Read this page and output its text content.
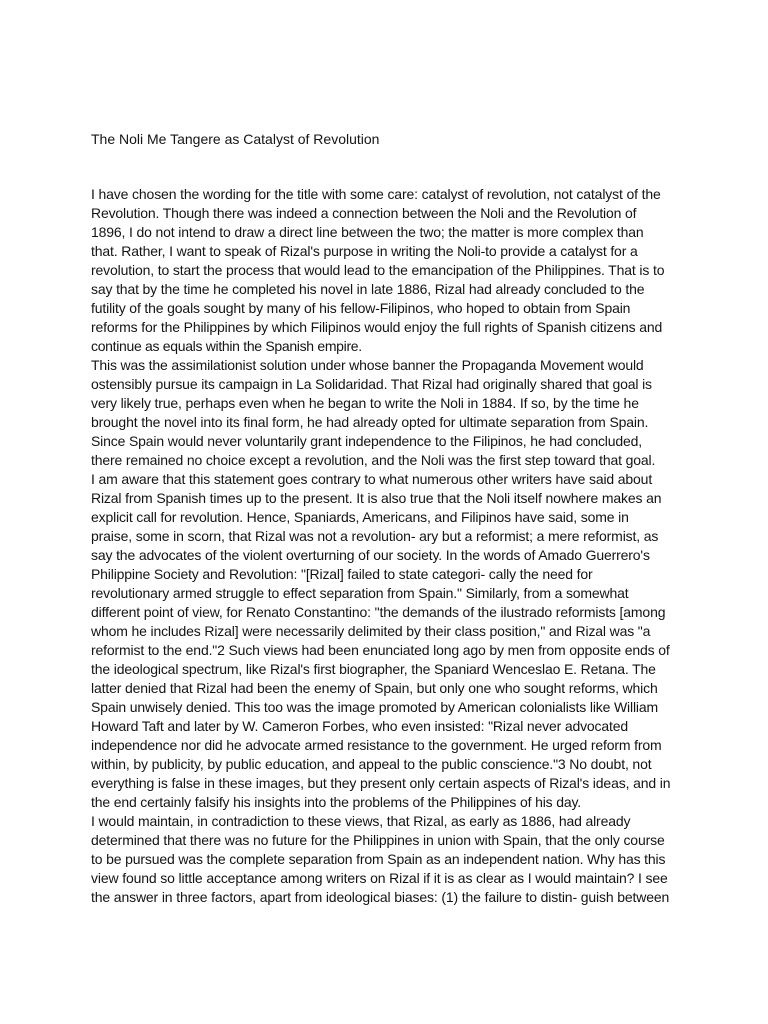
The Noli Me Tangere as Catalyst of Revolution
I have chosen the wording for the title with some care: catalyst of revolution, not catalyst of the
Revolution. Though there was indeed a connection between the Noli and the Revolution of
1896, I do not intend to draw a direct line between the two; the matter is more complex than
that. Rather, I want to speak of Rizal's purpose in writing the Noli-to provide a catalyst for a
revolution, to start the process that would lead to the emancipation of the Philippines. That is to
say that by the time he completed his novel in late 1886, Rizal had already concluded to the
futility of the goals sought by many of his fellow-Filipinos, who hoped to obtain from Spain
reforms for the Philippines by which Filipinos would enjoy the full rights of Spanish citizens and
continue as equals within the Spanish empire.
This was the assimilationist solution under whose banner the Propaganda Movement would
ostensibly pursue its campaign in La Solidaridad. That Rizal had originally shared that goal is
very likely true, perhaps even when he began to write the Noli in 1884. If so, by the time he
brought the novel into its final form, he had already opted for ultimate separation from Spain.
Since Spain would never voluntarily grant independence to the Filipinos, he had concluded,
there remained no choice except a revolution, and the Noli was the first step toward that goal.
I am aware that this statement goes contrary to what numerous other writers have said about
Rizal from Spanish times up to the present. It is also true that the Noli itself nowhere makes an
explicit call for revolution. Hence, Spaniards, Americans, and Filipinos have said, some in
praise, some in scorn, that Rizal was not a revolution- ary but a reformist; a mere reformist, as
say the advocates of the violent overturning of our society. In the words of Amado Guerrero's
Philippine Society and Revolution: "[Rizal] failed to state categori- cally the need for
revolutionary armed struggle to effect separation from Spain." Similarly, from a somewhat
different point of view, for Renato Constantino: "the demands of the ilustrado reformists [among
whom he includes Rizal] were necessarily delimited by their class position," and Rizal was "a
reformist to the end."2 Such views had been enunciated long ago by men from opposite ends of
the ideological spectrum, like Rizal's first biographer, the Spaniard Wenceslao E. Retana. The
latter denied that Rizal had been the enemy of Spain, but only one who sought reforms, which
Spain unwisely denied. This too was the image promoted by American colonialists like William
Howard Taft and later by W. Cameron Forbes, who even insisted: "Rizal never advocated
independence nor did he advocate armed resistance to the government. He urged reform from
within, by publicity, by public education, and appeal to the public conscience."3 No doubt, not
everything is false in these images, but they present only certain aspects of Rizal's ideas, and in
the end certainly falsify his insights into the problems of the Philippines of his day.
I would maintain, in contradiction to these views, that Rizal, as early as 1886, had already
determined that there was no future for the Philippines in union with Spain, that the only course
to be pursued was the complete separation from Spain as an independent nation. Why has this
view found so little acceptance among writers on Rizal if it is as clear as I would maintain? I see
the answer in three factors, apart from ideological biases: (1) the failure to distin- guish between
